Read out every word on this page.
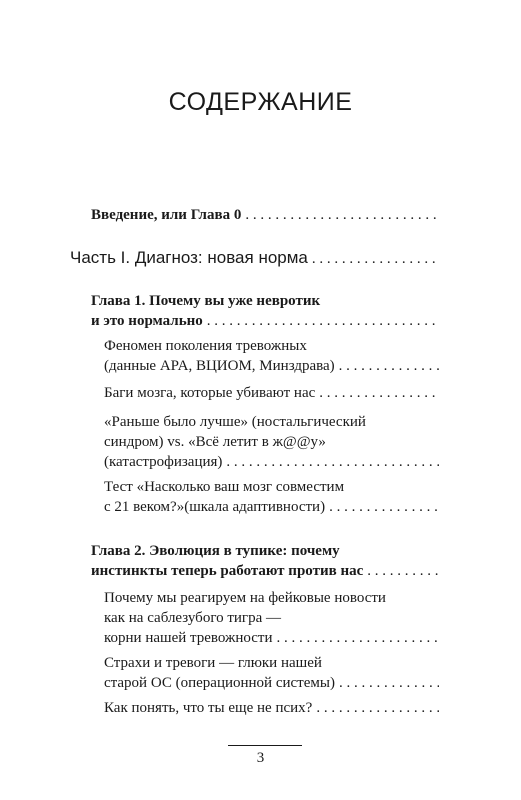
СОДЕРЖАНИЕ
Введение, или Глава 0
. . .
Часть I. Диагноз: новая норма
. . .
Глава 1. Почему вы уже невротик
и это нормально
. . .
Феномен поколения тревожных
(данные APA, ВЦИОМ, Минздрава)
. . .
Баги мозга, которые убивают нас
. . .
«Раньше было лучше» (ностальгический
синдром) vs. «Всё летит в ж@@у»
(катастрофизация)
. . .
Тест «Насколько ваш мозг совместим
с 21 веком?»(шкала адаптивности)
. . .
Глава 2. Эволюция в тупике: почему
инстинкты теперь работают против нас
. . .
Почему мы реагируем на фейковые новости
как на саблезубого тигра —
корни нашей тревожности
. . .
Страхи и тревоги — глюки нашей
старой ОС (операционной системы)
. . .
Как понять, что ты еще не псих?
. . .
3
